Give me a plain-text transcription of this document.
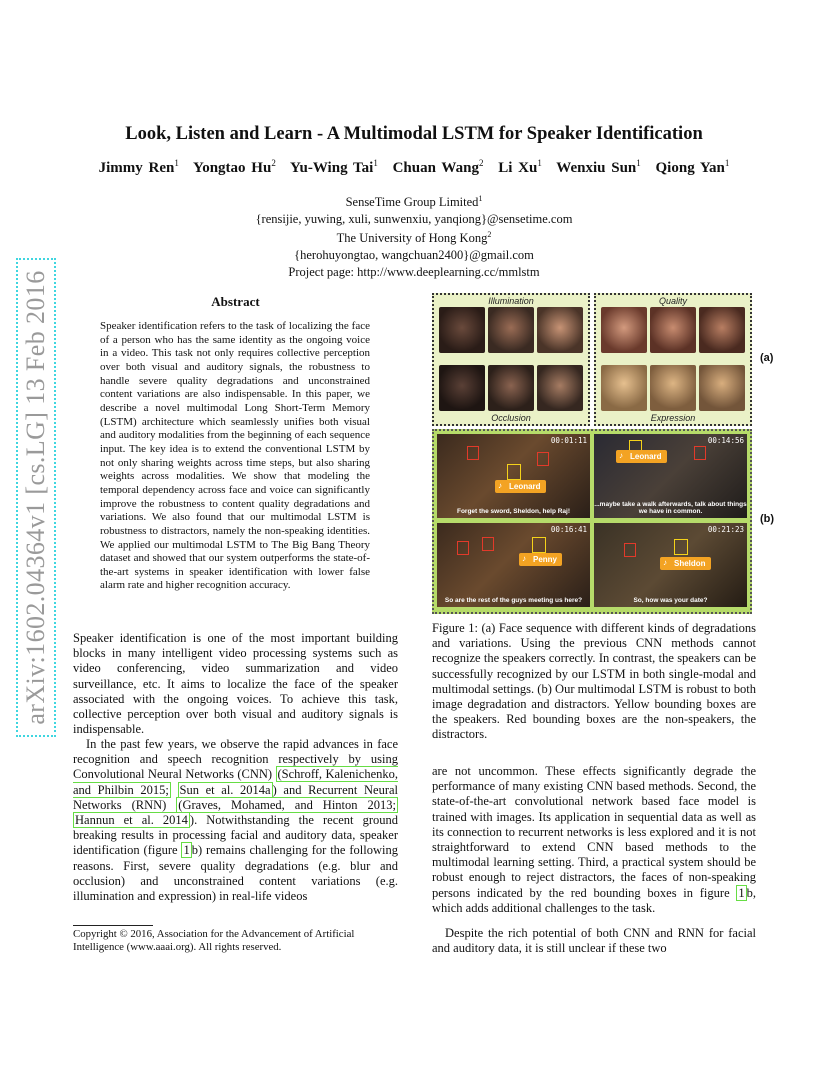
Look, Listen and Learn - A Multimodal LSTM for Speaker Identification
Jimmy Ren$^1$ Yongtao Hu$^2$ Yu-Wing Tai$^1$ Chuan Wang$^2$ Li Xu$^1$ Wenxiu Sun$^1$ Qiong Yan$^1$
SenseTime Group Limited$^1$
{rensijie, yuwing, xuli, sunwenxiu, yanqiong}@sensetime.com
The University of Hong Kong$^2$
{herohuyongtao, wangchuan2400}@gmail.com
Project page: http://www.deeplearning.cc/mmlstm
arXiv:1602.04364v1 [cs.LG] 13 Feb 2016	Abstract
Speaker identification refers to the task of localizing the face of a person who has the same identity as the ongoing voice in a video. This task not only requires collective perception over both visual and auditory signals, the robustness to handle severe quality degradations and unconstrained content variations are also indispensable. In this paper, we describe a novel multimodal Long Short-Term Memory (LSTM) architecture which seamlessly unifies both visual and auditory modalities from the beginning of each sequence input. The key idea is to extend the conventional LSTM by not only sharing weights across time steps, but also sharing weights across modalities. We show that modeling the temporal dependency across face and voice can significantly improve the robustness to content quality degradations and variations. We also found that our multimodal LSTM is robustness to distractors, namely the non-speaking identities. We applied our multimodal LSTM to The Big Bang Theory dataset and showed that our system outperforms the state-of-the-art systems in speaker identification with lower false alarm rate and higher recognition accuracy.
Speaker identification is one of the most important building blocks in many intelligent video processing systems such as video conferencing, video summarization and video surveillance, etc. It aims to localize the face of the speaker associated with the ongoing voices. To achieve this task, collective perception over both visual and auditory signals is indispensable.
In the past few years, we observe the rapid advances in face recognition and speech recognition respectively by using Convolutional Neural Networks (CNN) (Schroff, Kalenichenko, and Philbin 2015; Sun et al. 2014a ) and Recurrent Neural Networks (RNN) (Graves, Mohamed, and Hinton 2013; Hannun et al. 2014 ). Notwithstanding the recent ground breaking results in processing facial and auditory data, speaker identification (figure 1 b) remains challenging for the following reasons. First, severe quality degradations (e.g. blur and occlusion) and unconstrained content variations (e.g. illumination and expression) in real-life videos
Copyright © 2016, Association for the Advancement of Artificial Intelligence (www.aaai.org). All rights reserved.
Illumination
Occlusion
Quality
Expression
00:01:11
♪ Leonard
Forget the sword, Sheldon, help Raj!
00:14:56
♪ Leonard
...maybe take a walk afterwards, talk about things we have in common.
00:16:41
♪ Penny
So are the rest of the guys meeting us here?
00:21:23
♪ Sheldon
So, how was your date?
(a)
(b)
Figure 1: (a) Face sequence with different kinds of degradations and variations. Using the previous CNN methods cannot recognize the speakers correctly. In contrast, the speakers can be successfully recognized by our LSTM in both single-modal and multimodal settings. (b) Our multimodal LSTM is robust to both image degradation and distractors. Yellow bounding boxes are the speakers. Red bounding boxes are the non-speakers, the distractors.
are not uncommon. These effects significantly degrade the performance of many existing CNN based methods. Second, the state-of-the-art convolutional network based face model is trained with images. Its application in sequential data as well as its connection to recurrent networks is less explored and it is not straightforward to extend CNN based methods to the multimodal learning setting. Third, a practical system should be robust enough to reject distractors, the faces of non-speaking persons indicated by the red bounding boxes in figure 1 b, which adds additional challenges to the task.
Despite the rich potential of both CNN and RNN for facial and auditory data, it is still unclear if these two
